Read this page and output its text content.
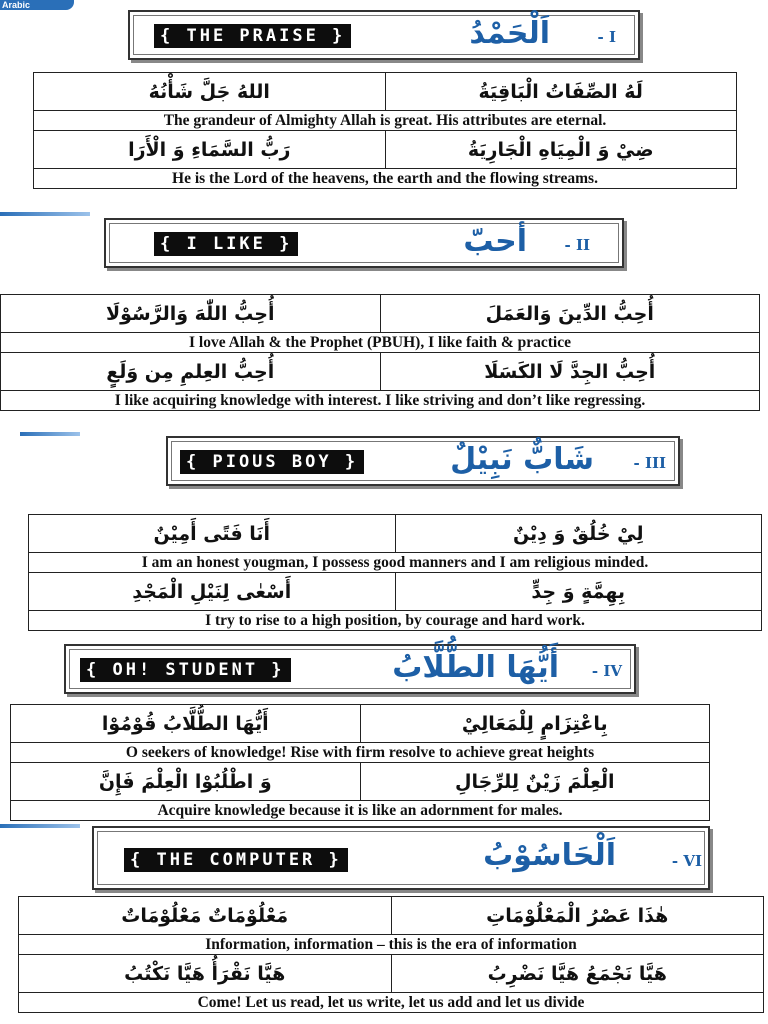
Arabic
{ THE PRAISE }	اَلْحَمْدُ	- I
اللهُ جَلَّ شَأْنُهُ	لَهُ الصِّفَاتُ الْبَاقِيَةُ
The grandeur of Almighty Allah is great. His attributes are eternal.	
رَبُّ السَّمَاءِ وَ الْأَرَا	ضِيْ وَ الْمِيَاهِ الْجَارِيَةُ
He is the Lord of the heavens, the earth and the flowing streams.	
{ I LIKE }	أحبّ	- II
أُحِبُّ اللّٰهَ وَالرَّسُوْلَا	أُحِبُّ الدِّينَ وَالعَمَلَ
I love Allah & the Prophet (PBUH), I like faith & practice	
أُحِبُّ العِلمِ مِن وَلَعٍ	أُحِبُّ الجِدَّ لَا الكَسَلَا
I like acquiring knowledge with interest. I like striving and don’t like regressing.	
{ PIOUS BOY }	شَابٌّ نَبِيْلٌ	- III
أَنَا فَتًى أَمِيْنٌ	لِيْ خُلُقٌ وَ دِيْنٌ
I am an honest yougman, I possess good manners and I am religious minded.	
أَسْعٰى لِنَيْلِ الْمَجْدِ	بِهِمَّةٍ وَ جِدٍّ
I try to rise to a high position, by courage and hard work.	
{ OH! STUDENT }	أَيُّهَا الطُّلَّابُ - IV
أَيُّهَا الطُّلَّابُ قُوْمُوْا	بِاعْتِزَامٍ لِلْمَعَالِيْ
O seekers of knowledge! Rise with firm resolve to achieve great heights	
وَ اطْلُبُوْا الْعِلْمَ فَإِنَّ	الْعِلْمَ زَيْنٌ لِلرِّجَالِ
Acquire knowledge because it is like an adornment for males.	
{ THE COMPUTER }	اَلْحَاسُوْبُ	- VI
مَعْلُوْمَاتٌ مَعْلُوْمَاتٌ	هٰذَا عَصْرُ الْمَعْلُوْمَاتِ
Information, information – this is the era of information	
هَيَّا نَقْرَأُ هَيَّا نَكْتُبُ	هَيَّا نَجْمَعُ هَيَّا نَضْرِبُ
Come! Let us read, let us write, let us add and let us divide	
